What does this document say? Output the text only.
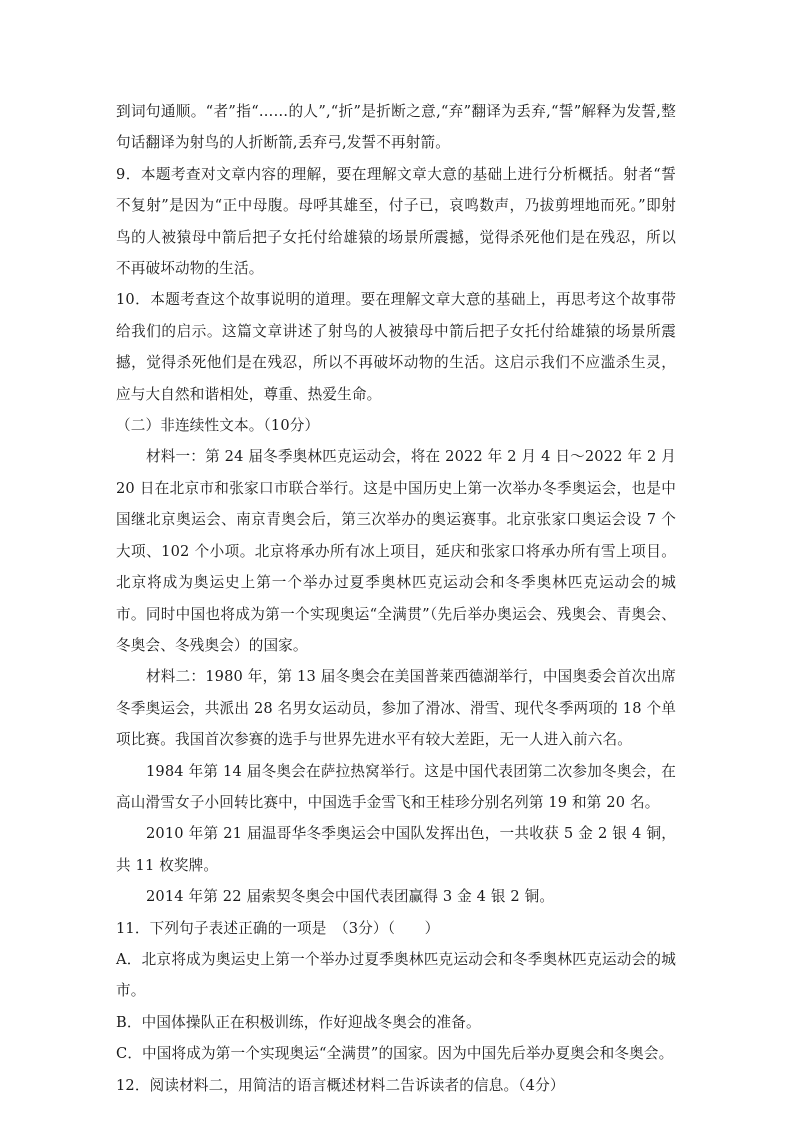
到词句通顺。“者”指“……的人”,“折”是折断之意,“弃”翻译为丢弃,“誓”解释为发誓,整句话翻译为射鸟的人折断箭,丢弃弓,发誓不再射箭。

9．本题考查对文章内容的理解，要在理解文章大意的基础上进行分析概括。射者“誓不复射”是因为“正中母腹。母呼其雄至，付子已，哀鸣数声，乃拔剪埋地而死。”即射鸟的人被猿母中箭后把子女托付给雄猿的场景所震撼，觉得杀死他们是在残忍，所以不再破坏动物的生活。

10．本题考查这个故事说明的道理。要在理解文章大意的基础上，再思考这个故事带给我们的启示。这篇文章讲述了射鸟的人被猿母中箭后把子女托付给雄猿的场景所震撼，觉得杀死他们是在残忍，所以不再破坏动物的生活。这启示我们不应滥杀生灵，应与大自然和谐相处，尊重、热爱生命。

（二）非连续性文本。（10分）

材料一：第 24 届冬季奥林匹克运动会，将在 2022 年 2 月 4 日～2022 年 2 月 20 日在北京市和张家口市联合举行。这是中国历史上第一次举办冬季奥运会，也是中国继北京奥运会、南京青奥会后，第三次举办的奥运赛事。北京张家口奥运会设 7 个大项、102 个小项。北京将承办所有冰上项目，延庆和张家口将承办所有雪上项目。北京将成为奥运史上第一个举办过夏季奥林匹克运动会和冬季奥林匹克运动会的城市。同时中国也将成为第一个实现奥运“全满贯”（先后举办奥运会、残奥会、青奥会、冬奥会、冬残奥会）的国家。

材料二：1980 年，第 13 届冬奥会在美国普莱西德湖举行，中国奥委会首次出席冬季奥运会，共派出 28 名男女运动员，参加了滑冰、滑雪、现代冬季两项的 18 个单项比赛。我国首次参赛的选手与世界先进水平有较大差距，无一人进入前六名。

1984 年第 14 届冬奥会在萨拉热窝举行。这是中国代表团第二次参加冬奥会，在高山滑雪女子小回转比赛中，中国选手金雪飞和王桂珍分别名列第 19 和第 20 名。

2010 年第 21 届温哥华冬季奥运会中国队发挥出色，一共收获 5 金 2 银 4 铜，共 11 枚奖牌。

2014 年第 22 届索契冬奥会中国代表团赢得 3 金 4 银 2 铜。

11．下列句子表述正确的一项是　（3分）（　　）

A．北京将成为奥运史上第一个举办过夏季奥林匹克运动会和冬季奥林匹克运动会的城市。

B．中国体操队正在积极训练，作好迎战冬奥会的准备。

C．中国将成为第一个实现奥运“全满贯”的国家。因为中国先后举办夏奥会和冬奥会。

12．阅读材料二，用简洁的语言概述材料二告诉读者的信息。（4分）
